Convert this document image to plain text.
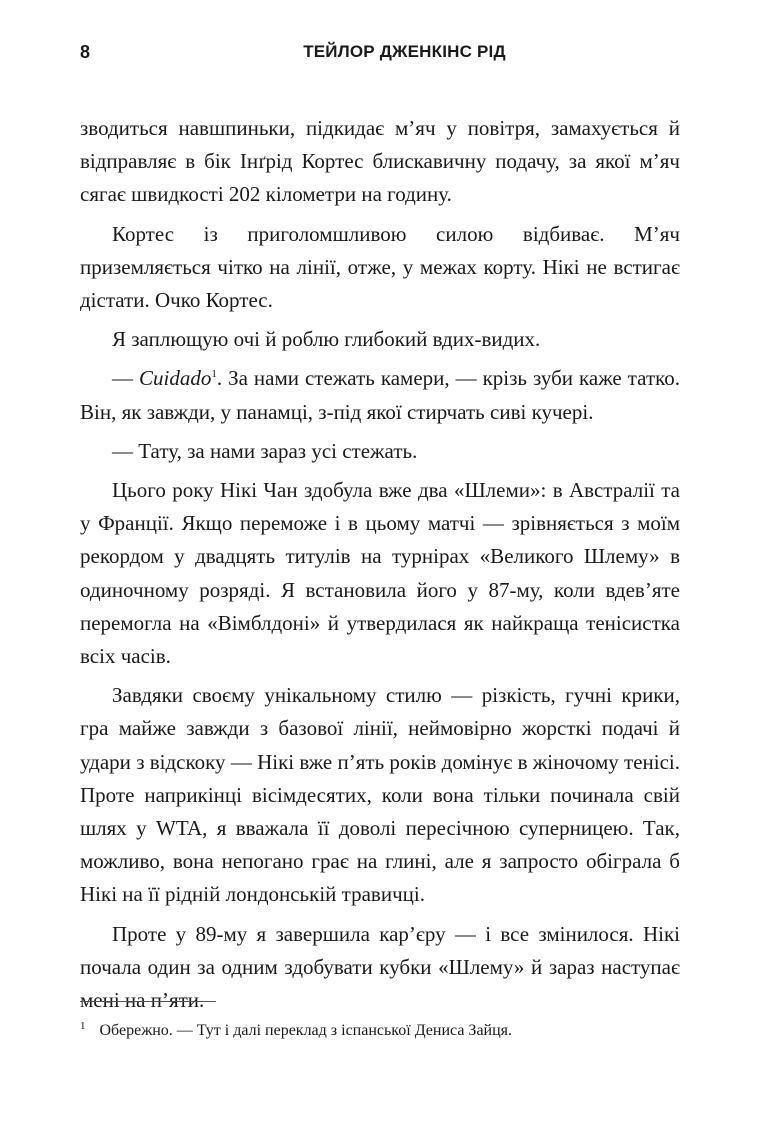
8	ТЕЙЛОР ДЖЕНКІНС РІД

зводиться навшпиньки, підкидає м’яч у повітря, замахується й відправляє в бік Інґрід Кортес блискавичну подачу, за якої м’яч сягає швидкості 202 кілометри на годину.

Кортес із приголомшливою силою відбиває. М’яч приземляється чітко на лінії, отже, у межах корту. Нікі не встигає дістати. Очко Кортес.

Я заплющую очі й роблю глибокий вдих-видих.

— Cuidado$^1$. За нами стежать камери, — крізь зуби каже татко. Він, як завжди, у панамці, з-під якої стирчать сиві кучері.

— Тату, за нами зараз усі стежать.

Цього року Нікі Чан здобула вже два «Шлеми»: в Австралії та у Франції. Якщо переможе і в цьому матчі — зрівняється з моїм рекордом у двадцять титулів на турнірах «Великого Шлему» в одиночному розряді. Я встановила його у 87-му, коли вдев’яте перемогла на «Вімблдоні» й утвердилася як найкраща тенісистка всіх часів.

Завдяки своєму унікальному стилю — різкість, гучні крики, гра майже завжди з базової лінії, неймовірно жорсткі подачі й удари з відскоку — Нікі вже п’ять років домінує в жіночому тенісі. Проте наприкінці вісімдесятих, коли вона тільки починала свій шлях у WTA, я вважала її доволі пересічною суперницею. Так, можливо, вона непогано грає на глині, але я запросто обіграла б Нікі на її рідній лондонській травичці.

Проте у 89-му я завершила кар’єру — і все змінилося. Нікі почала один за одним здобувати кубки «Шлему» й зараз наступає мені на п’яти.

$^1$ Обережно. — Тут і далі переклад з іспанської Дениса Зайця.
